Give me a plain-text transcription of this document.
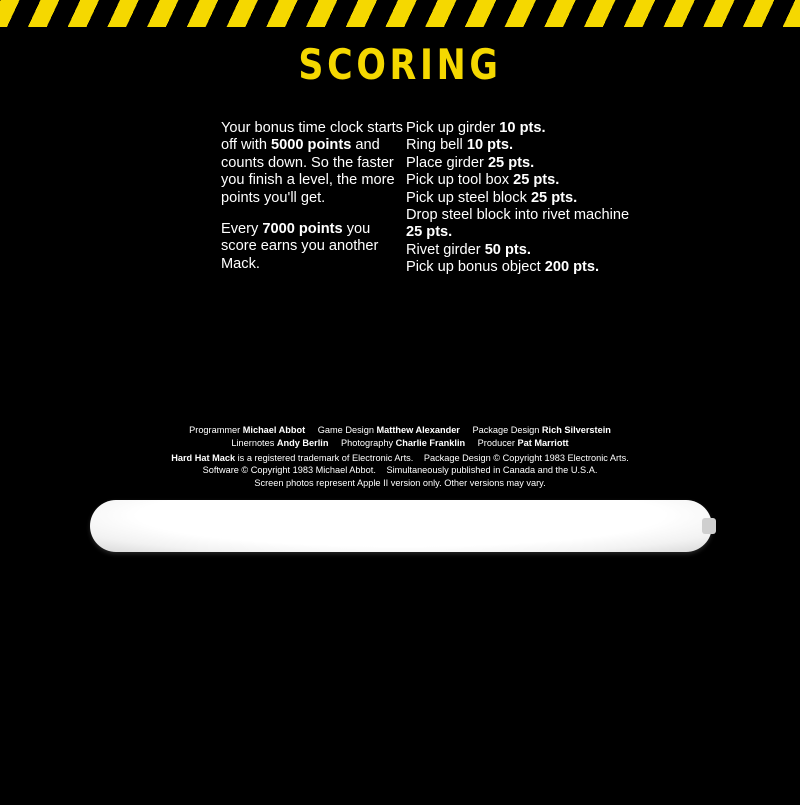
SCORING

Your bonus time clock starts off with 5000 points and counts down. So the faster you finish a level, the more points you'll get.

Every 7000 points you score earns you another Mack.

Pick up girder 10 pts.
Ring bell 10 pts.
Place girder 25 pts.
Pick up tool box 25 pts.
Pick up steel block 25 pts.
Drop steel block into rivet machine 25 pts.
Rivet girder 50 pts.
Pick up bonus object 200 pts.
Programmer Michael Abbot Game Design Matthew Alexander Package Design Rich Silverstein
Linernotes Andy Berlin Photography Charlie Franklin Producer Pat Marriott
Hard Hat Mack is a registered trademark of Electronic Arts. Package Design © Copyright 1983 Electronic Arts.
Software © Copyright 1983 Michael Abbot. Simultaneously published in Canada and the U.S.A.
Screen photos represent Apple II version only. Other versions may vary.
